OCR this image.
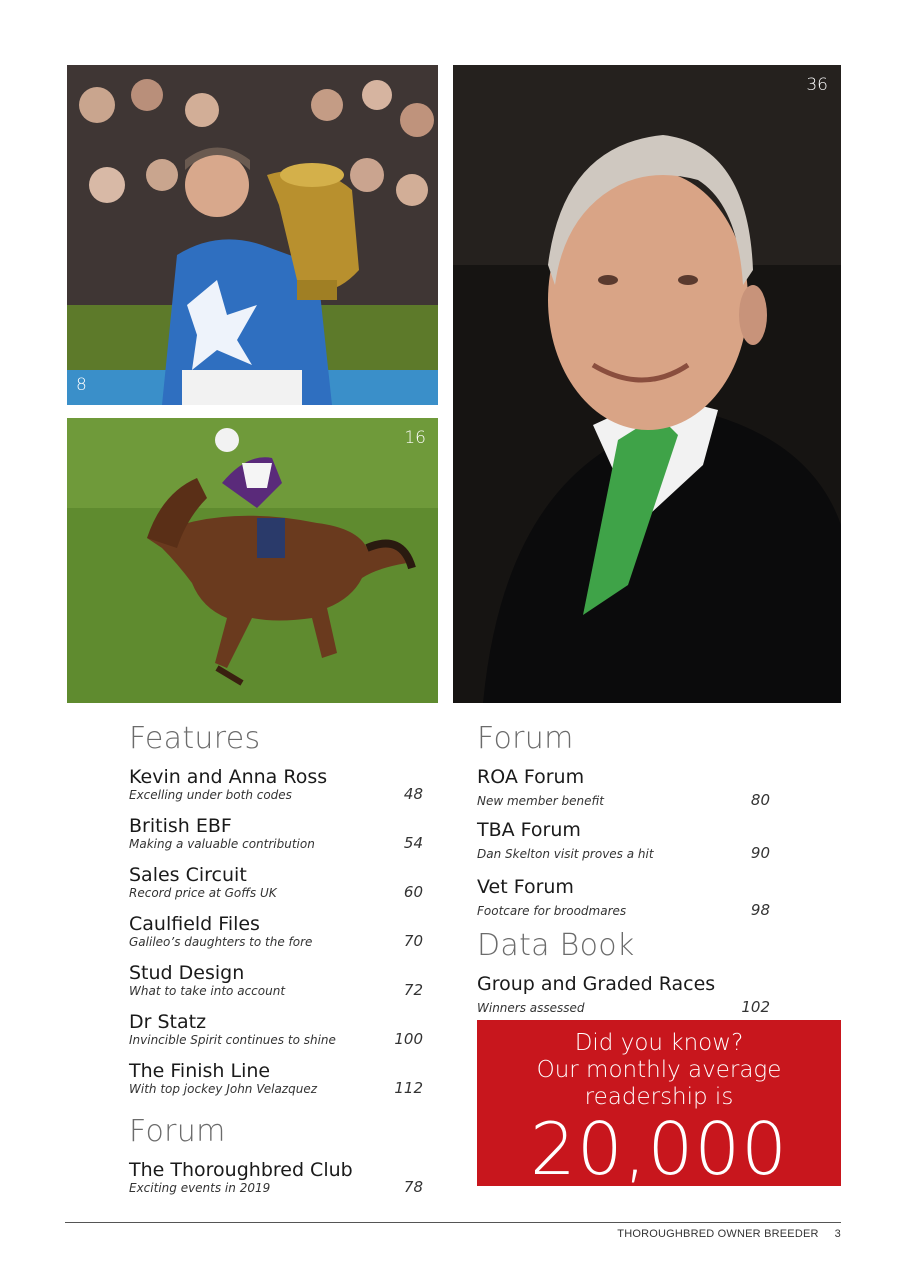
8
16
36
Features
Kevin and Anna Ross
Excelling under both codes	48
British EBF
Making a valuable contribution	54
Sales Circuit
Record price at Goffs UK	60
Caulfield Files
Galileo’s daughters to the fore	70
Stud Design
What to take into account	72
Dr Statz
Invincible Spirit continues to shine	100
The Finish Line
With top jockey John Velazquez	112
Forum
The Thoroughbred Club
Exciting events in 2019	78
Forum
ROA Forum
New member benefit	80
TBA Forum
Dan Skelton visit proves a hit	90
Vet Forum
Footcare for broodmares	98
Data Book
Group and Graded Races
Winners assessed	102
Did you know?
Our monthly average
readership is
20,000
THOROUGHBRED OWNER BREEDER 3
